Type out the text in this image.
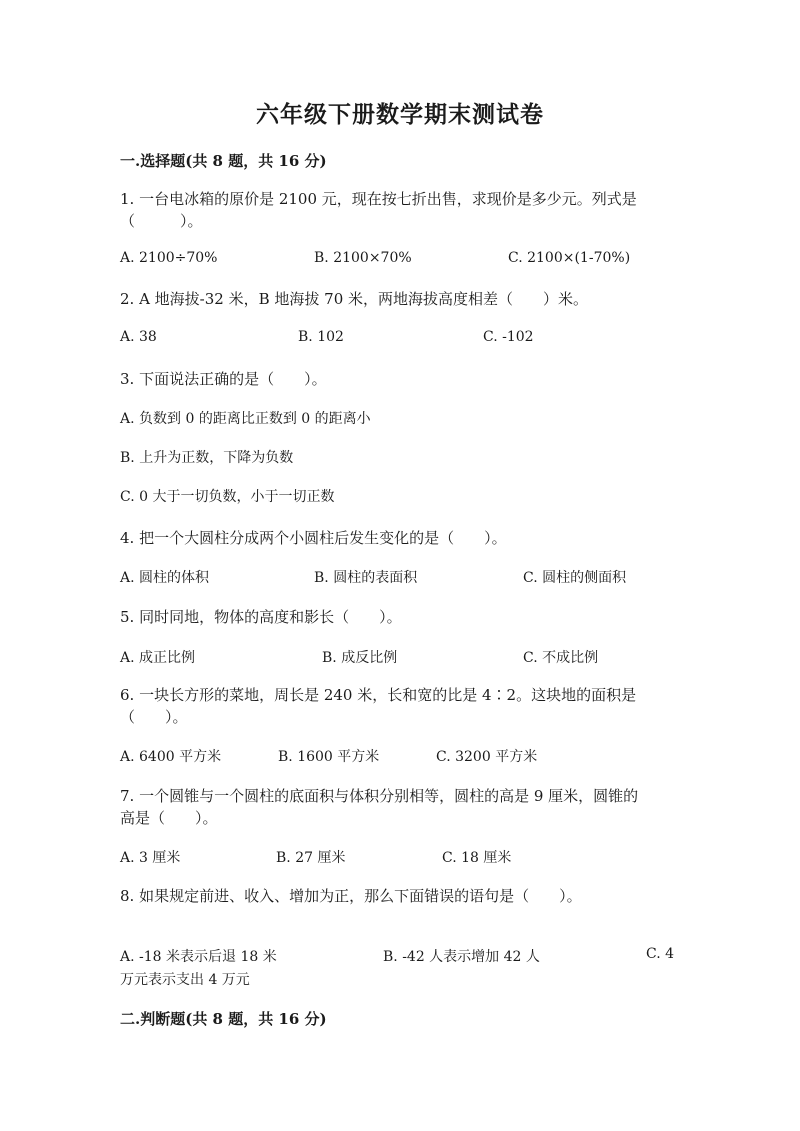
六年级下册数学期末测试卷
一.选择题(共 8 题，共 16 分)
1. 一台电冰箱的原价是 2100 元，现在按七折出售，求现价是多少元。列式是
（　　　）。
A. 2100÷70%	B. 2100×70%	C. 2100×(1-70%)
2. A 地海拔-32 米，B 地海拔 70 米，两地海拔高度相差（　　）米。
A. 38	B. 102	C. -102
3. 下面说法正确的是（　　）。
A. 负数到 0 的距离比正数到 0 的距离小
B. 上升为正数，下降为负数
C. 0 大于一切负数，小于一切正数
4. 把一个大圆柱分成两个小圆柱后发生变化的是（　　）。
A. 圆柱的体积	B. 圆柱的表面积	C. 圆柱的侧面积
5. 同时同地，物体的高度和影长（　　）。
A. 成正比例	B. 成反比例	C. 不成比例
6. 一块长方形的菜地，周长是 240 米，长和宽的比是 4∶2。这块地的面积是
（　　）。
A. 6400 平方米	B. 1600 平方米	C. 3200 平方米
7. 一个圆锥与一个圆柱的底面积与体积分别相等，圆柱的高是 9 厘米，圆锥的
高是（　　）。
A. 3 厘米	B. 27 厘米	C. 18 厘米
8. 如果规定前进、收入、增加为正，那么下面错误的语句是（　　）。
A. -18 米表示后退 18 米	B. -42 人表示增加 42 人	C. 4
万元表示支出 4 万元
二.判断题(共 8 题，共 16 分)
